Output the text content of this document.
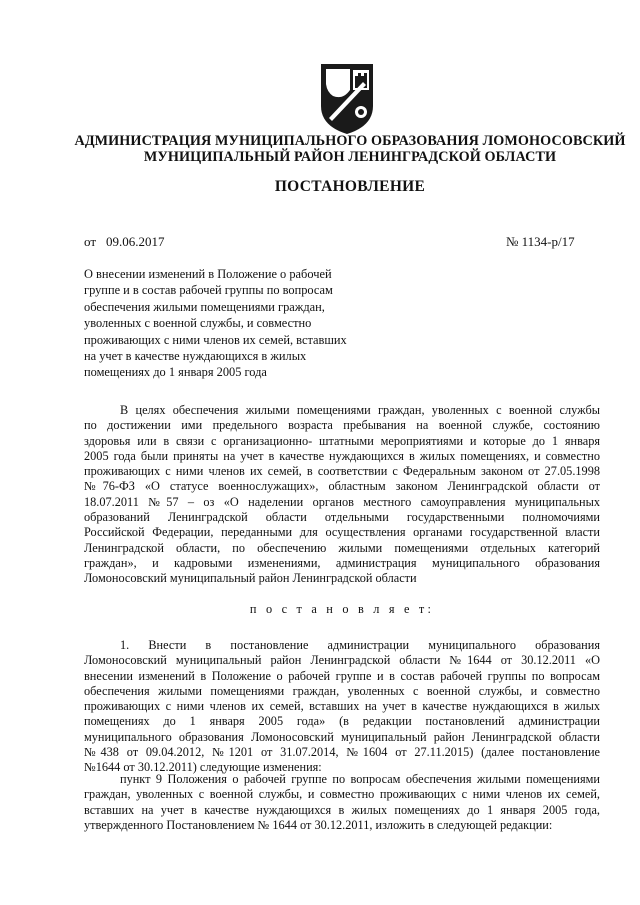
АДМИНИСТРАЦИЯ МУНИЦИПАЛЬНОГО ОБРАЗОВАНИЯ ЛОМОНОСОВСКИЙ
МУНИЦИПАЛЬНЫЙ РАЙОН ЛЕНИНГРАДСКОЙ ОБЛАСТИ
ПОСТАНОВЛЕНИЕ
от 09.06.2017	№ 1134-р/17
О внесении изменений в Положение о рабочей
группе и в состав рабочей группы по вопросам
обеспечения жилыми помещениями граждан,
уволенных с военной службы, и совместно
проживающих с ними членов их семей, вставших
на учет в качестве нуждающихся в жилых
помещениях до 1 января 2005 года
В целях обеспечения жилыми помещениями граждан, уволенных с военной службы
по достижении ими предельного возраста пребывания на военной службе, состоянию
здоровья или в связи с организационно- штатными мероприятиями и которые до 1 января
2005 года были приняты на учет в качестве нуждающихся в жилых помещениях, и совместно
проживающих с ними членов их семей, в соответствии с Федеральным законом от 27.05.1998
№76-ФЗ «О статусе военнослужащих», областным законом Ленинградской области от
18.07.2011 №57 – оз «О наделении органов местного самоуправления муниципальных
образований Ленинградской области отдельными государственными полномочиями
Российской Федерации, переданными для осуществления органами государственной власти
Ленинградской области, по обеспечению жилыми помещениями отдельных категорий
граждан», и кадровыми изменениями, администрация муниципального образования
Ломоносовский муниципальный район Ленинградской области
п о с т а н о в л я е т:
1. Внести в постановление администрации муниципального образования
Ломоносовский муниципальный район Ленинградской области №1644 от 30.12.2011 «О
внесении изменений в Положение о рабочей группе и в состав рабочей группы по вопросам
обеспечения жилыми помещениями граждан, уволенных с военной службы, и совместно
проживающих с ними членов их семей, вставших на учет в качестве нуждающихся в жилых
помещениях до 1 января 2005 года» (в редакции постановлений администрации
муниципального образования Ломоносовский муниципальный район Ленинградской области
№438 от 09.04.2012, №1201 от 31.07.2014, №1604 от 27.11.2015) (далее постановление
№1644 от 30.12.2011) следующие изменения:
пункт 9 Положения о рабочей группе по вопросам обеспечения жилыми помещениями
граждан, уволенных с военной службы, и совместно проживающих с ними членов их семей,
вставших на учет в качестве нуждающихся в жилых помещениях до 1 января 2005 года,
утвержденного Постановлением № 1644 от 30.12.2011, изложить в следующей редакции:
